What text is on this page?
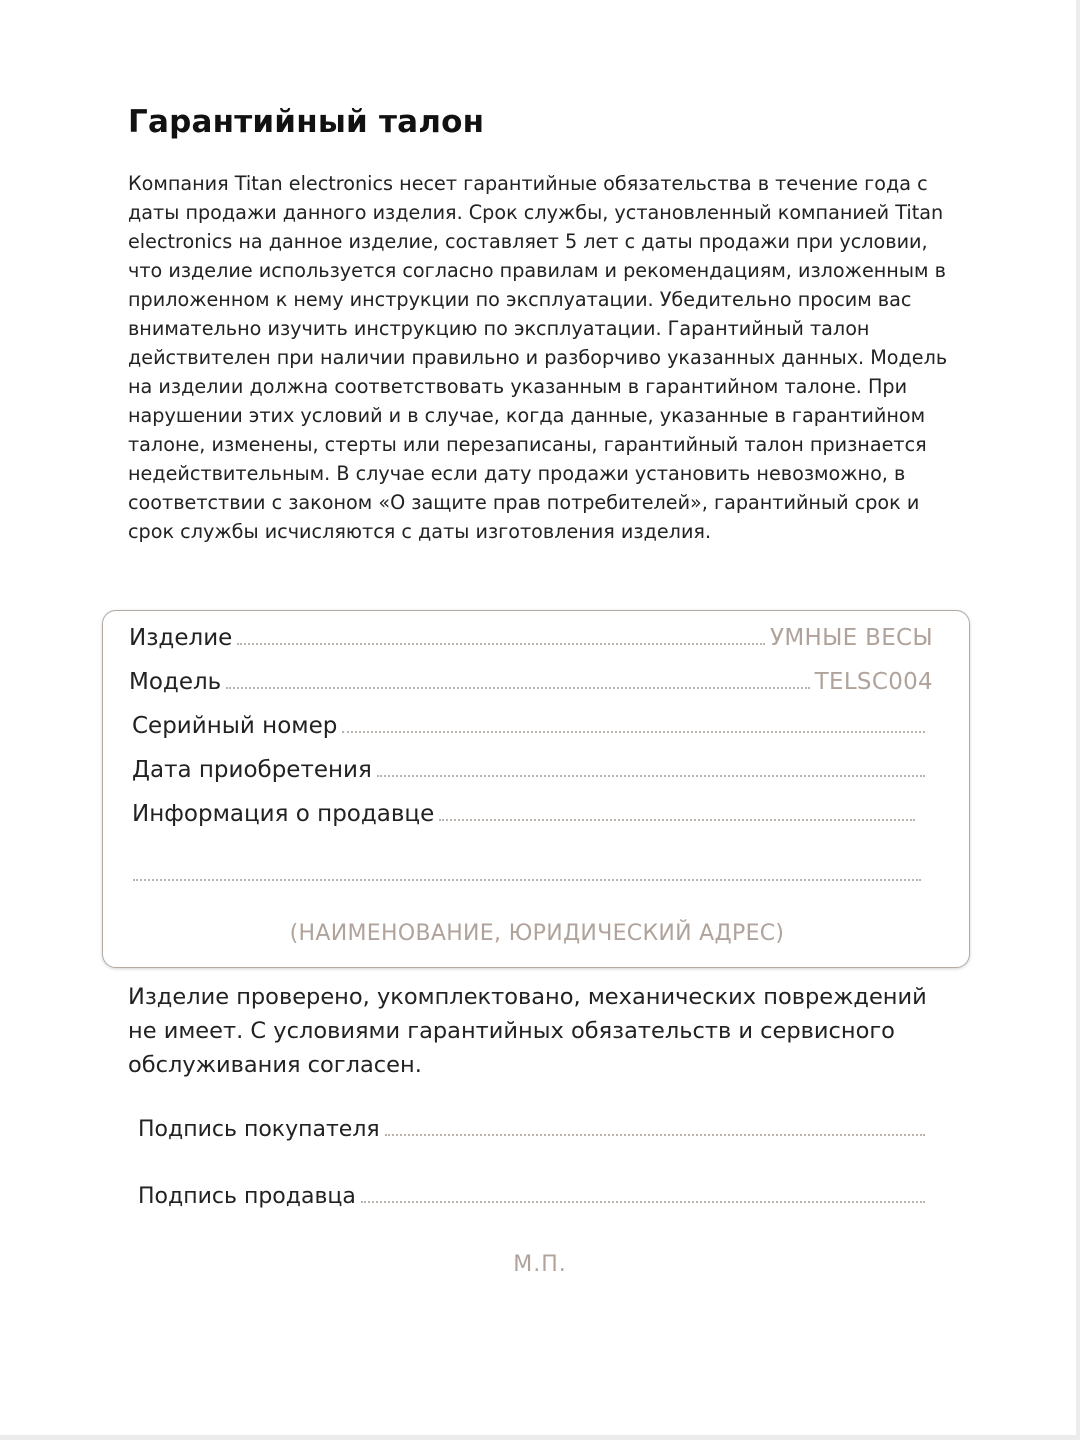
Гарантийный талон

Компания Titan electronics несет гарантийные обязательства в течение года с даты продажи данного изделия. Срок службы, установленный компанией Titan electronics на данное изделие, составляет 5 лет с даты продажи при условии, что изделие используется согласно правилам и рекомендациям, изложенным в приложенном к нему инструкции по эксплуатации. Убедительно просим вас внимательно изучить инструкцию по эксплуатации. Гарантийный талон действителен при наличии правильно и разборчиво указанных данных. Модель на изделии должна соответствовать указанным в гарантийном талоне. При нарушении этих условий и в случае, когда данные, указанные в гарантийном талоне, изменены, стерты или перезаписаны, гарантийный талон признается недействительным. В случае если дату продажи установить невозможно, в соответствии с законом «О защите прав потребителей», гарантийный срок и срок службы исчисляются с даты изготовления изделия.

Изделие	УМНЫЕ ВЕСЫ
Модель	TELSC004
Серийный номер
Дата приобретения
Информация о продавце
(НАИМЕНОВАНИЕ, ЮРИДИЧЕСКИЙ АДРЕС)

Изделие проверено, укомплектовано, механических повреждений не имеет. С условиями гарантийных обязательств и сервисного обслуживания согласен.

Подпись покупателя
Подпись продавца
М.П.
